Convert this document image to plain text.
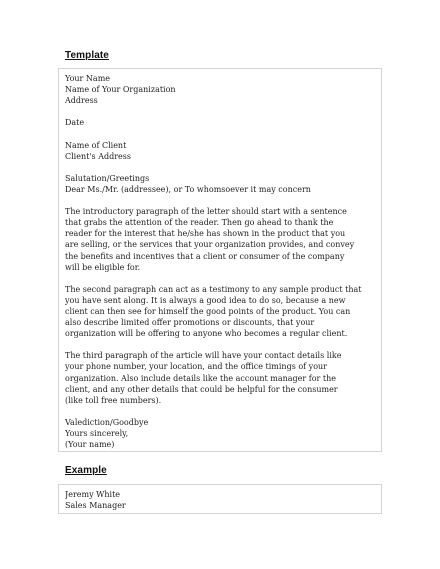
Template
Your Name
Name of Your Organization
Address
Date
Name of Client
Client's Address
Salutation/Greetings
Dear Ms./Mr. (addressee), or To whomsoever it may concern
The introductory paragraph of the letter should start with a sentence
that grabs the attention of the reader. Then go ahead to thank the
reader for the interest that he/she has shown in the product that you
are selling, or the services that your organization provides, and convey
the benefits and incentives that a client or consumer of the company
will be eligible for.
The second paragraph can act as a testimony to any sample product that
you have sent along. It is always a good idea to do so, because a new
client can then see for himself the good points of the product. You can
also describe limited offer promotions or discounts, that your
organization will be offering to anyone who becomes a regular client.
The third paragraph of the article will have your contact details like
your phone number, your location, and the office timings of your
organization. Also include details like the account manager for the
client, and any other details that could be helpful for the consumer
(like toll free numbers).
Valediction/Goodbye
Yours sincerely,
(Your name)
Example
Jeremy White
Sales Manager
